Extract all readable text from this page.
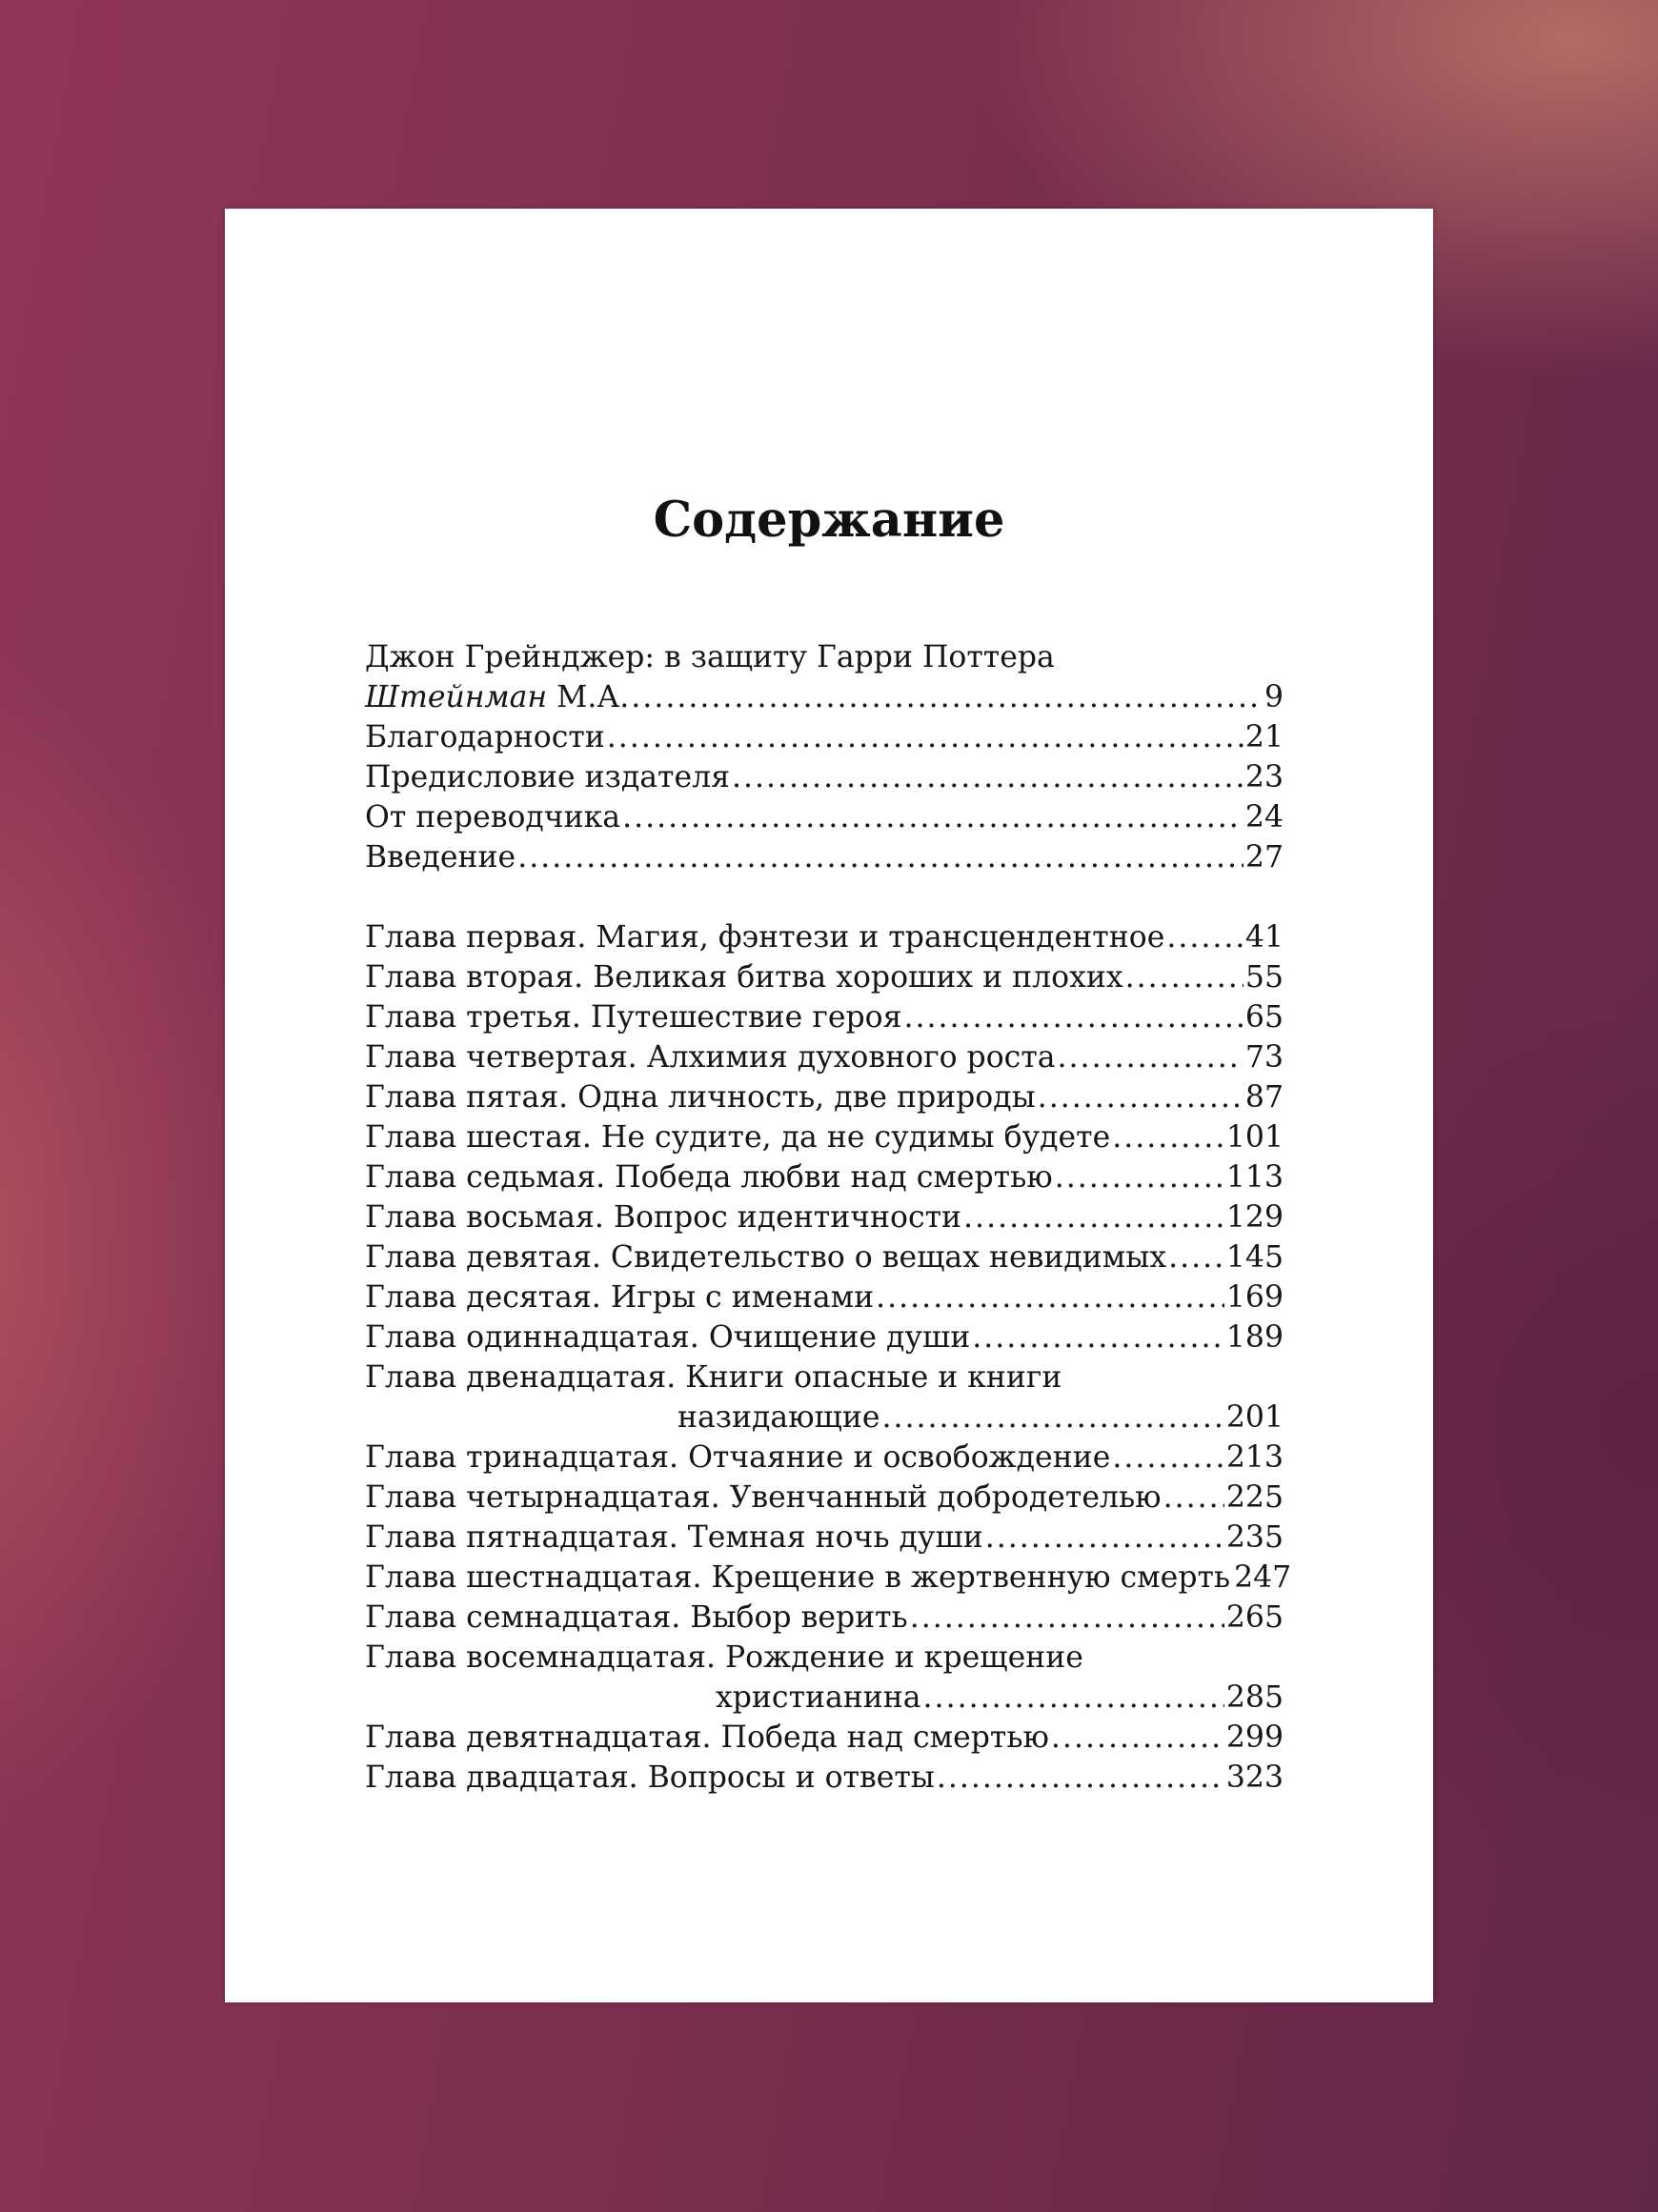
Содержание
Джон Грейнджер: в защиту Гарри Поттера
Штейнман М.А. .....	9
Благодарности .....	21
Предисловие издателя .....	23
От переводчика .....	24
Введение .....	27
Глава первая. Магия, фэнтези и трансцендентное .....	41
Глава вторая. Великая битва хороших и плохих .....	55
Глава третья. Путешествие героя .....	65
Глава четвертая. Алхимия духовного роста .....	73
Глава пятая. Одна личность, две природы .....	87
Глава шестая. Не судите, да не судимы будете .....	101
Глава седьмая. Победа любви над смертью .....	113
Глава восьмая. Вопрос идентичности .....	129
Глава девятая. Свидетельство о вещах невидимых ..... 145
Глава десятая. Игры с именами .....	169
Глава одиннадцатая. Очищение души .....	189
Глава двенадцатая. Книги опасные и книги
назидающие .....	201
Глава тринадцатая. Отчаяние и освобождение .....	213
Глава четырнадцатая. Увенчанный добродетелью ..... 225
Глава пятнадцатая. Темная ночь души .....	235
Глава шестнадцатая. Крещение в жертвенную смерть 247
Глава семнадцатая. Выбор верить .....	265
Глава восемнадцатая. Рождение и крещение
христианина .....	285
Глава девятнадцатая. Победа над смертью .....	299
Глава двадцатая. Вопросы и ответы .....	323
